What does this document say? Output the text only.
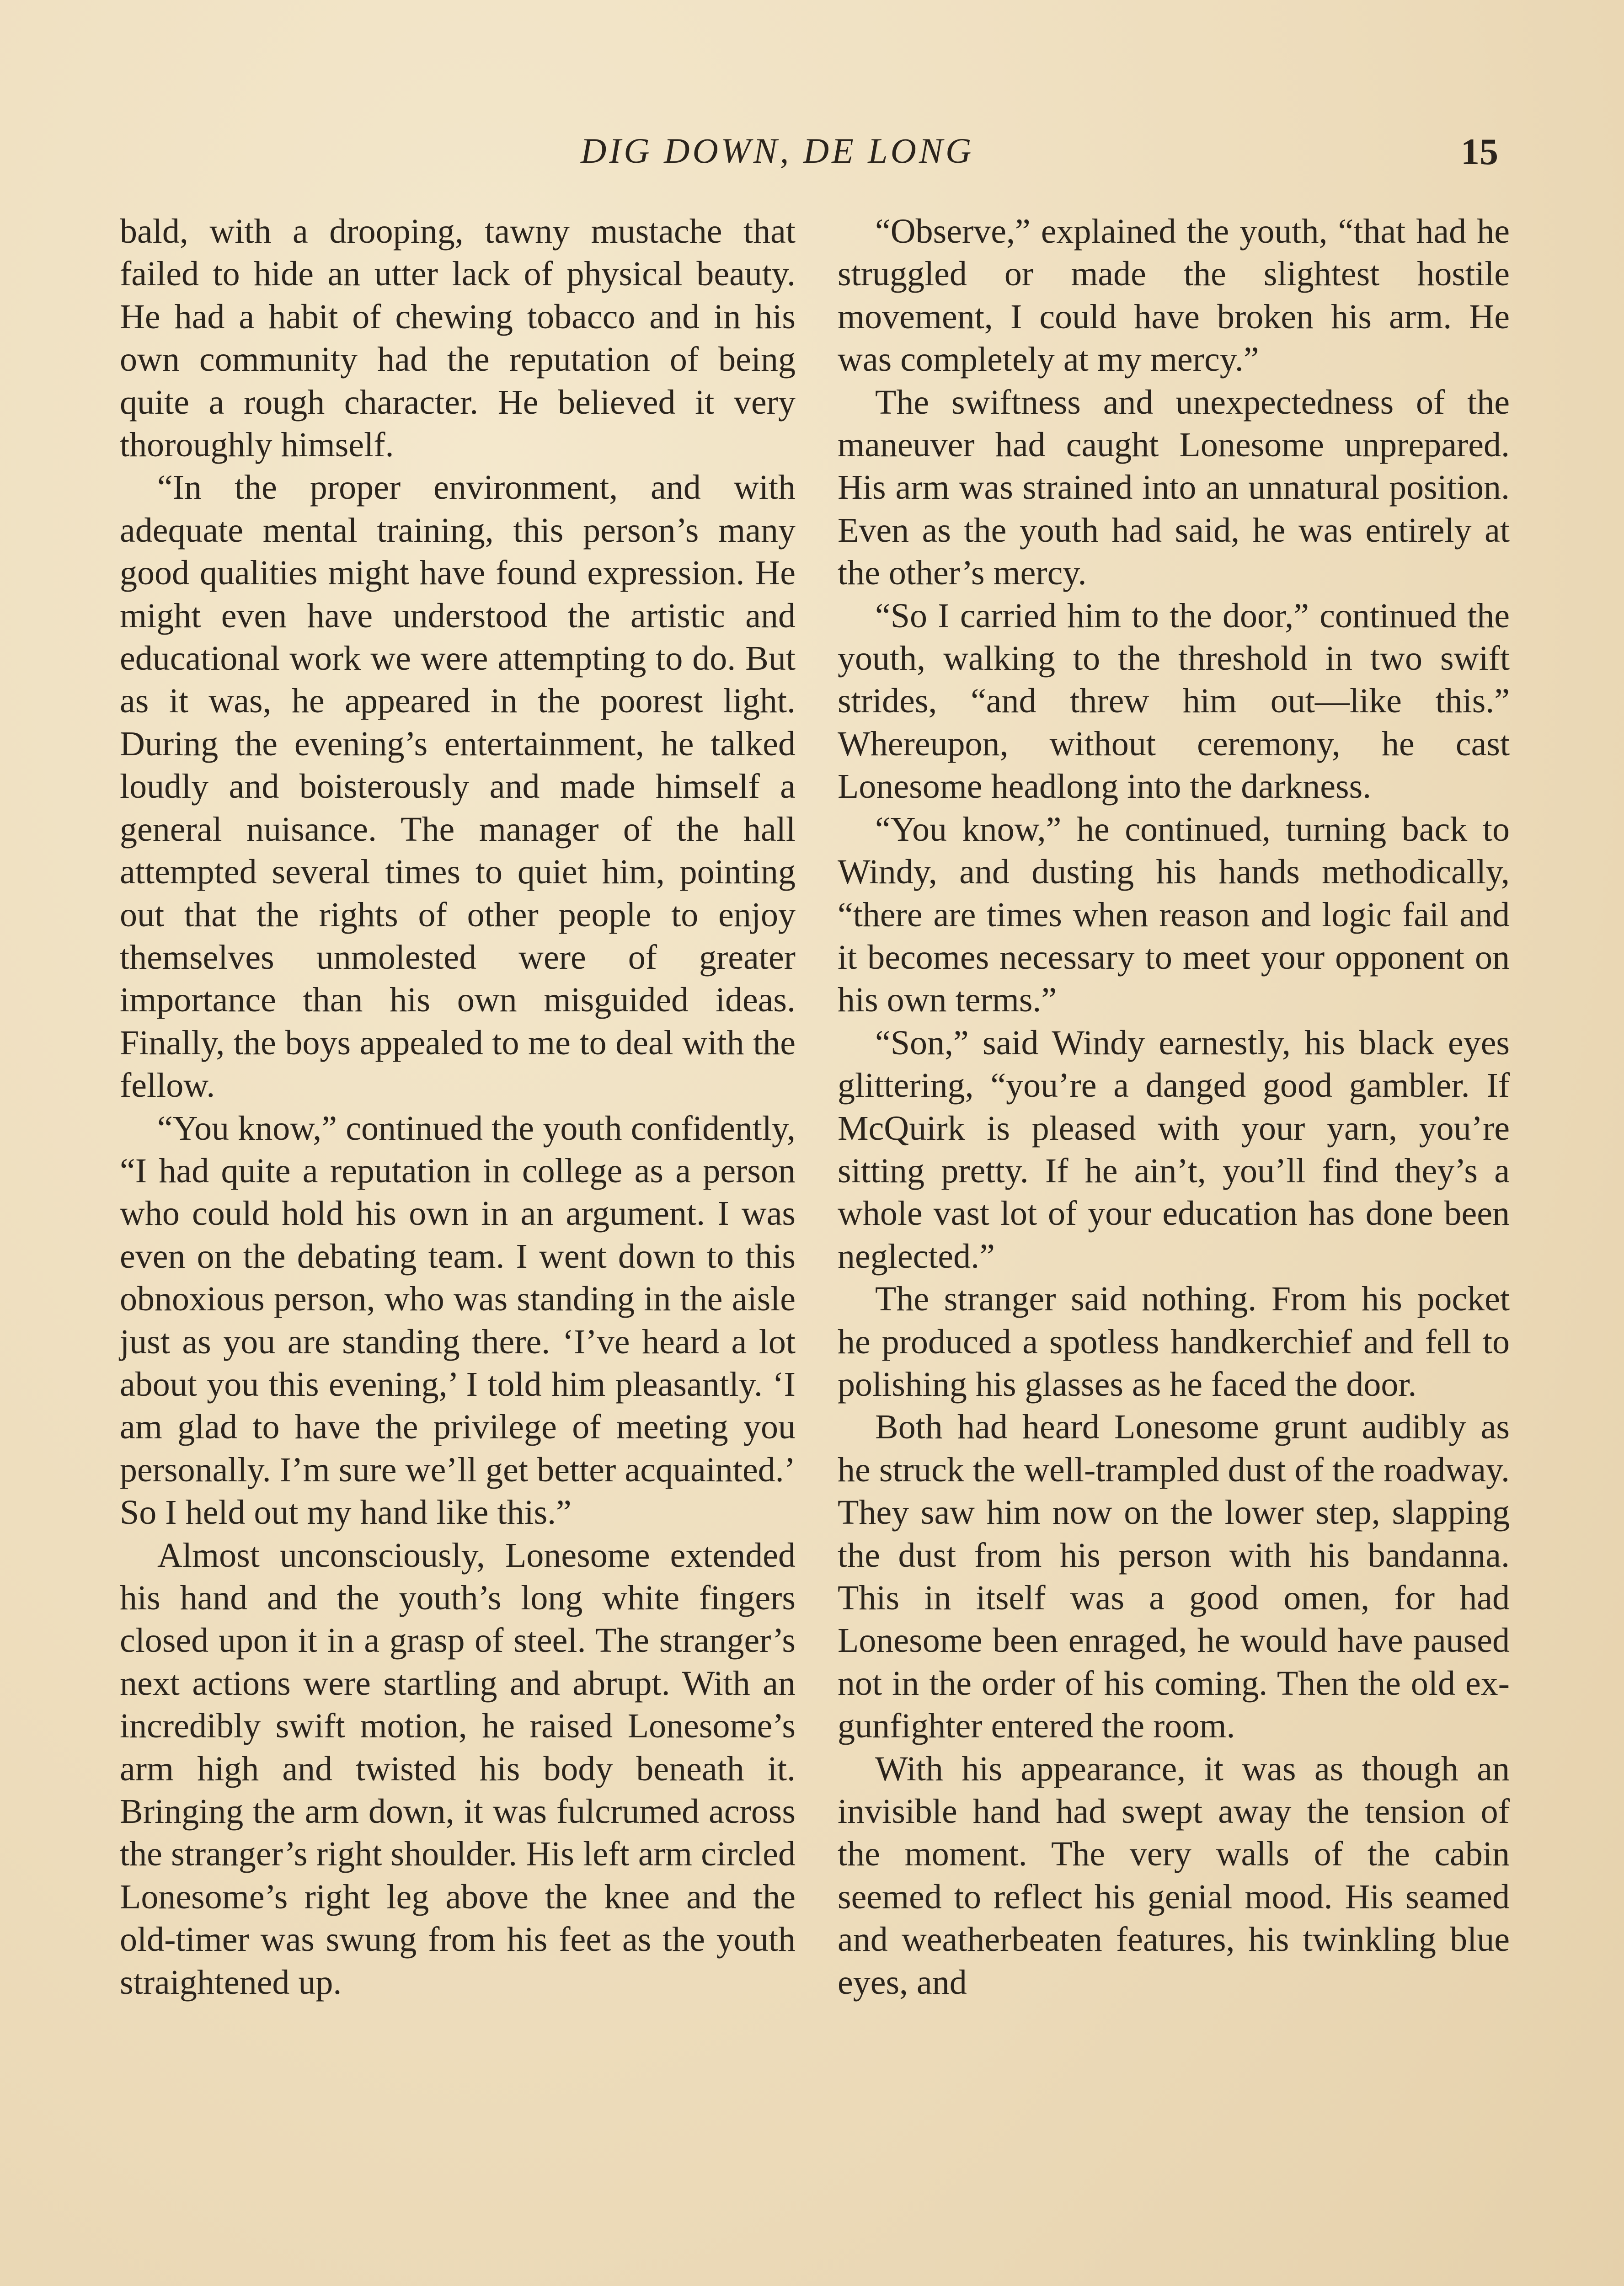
DIG DOWN, DE LONG	15

bald, with a drooping, tawny mustache that failed to hide an utter lack of physical beauty. He had a habit of chewing tobacco and in his own community had the reputation of being quite a rough character. He believed it very thoroughly himself.

“In the proper environment, and with adequate mental training, this person’s many good qualities might have found expression. He might even have understood the artistic and educational work we were attempting to do. But as it was, he appeared in the poorest light. During the evening’s entertainment, he talked loudly and boisterously and made himself a general nuisance. The manager of the hall attempted several times to quiet him, pointing out that the rights of other people to enjoy themselves unmolested were of greater importance than his own misguided ideas. Finally, the boys appealed to me to deal with the fellow.

“You know,” continued the youth confidently, “I had quite a reputation in college as a person who could hold his own in an argument. I was even on the debating team. I went down to this obnoxious person, who was standing in the aisle just as you are standing there. ‘I’ve heard a lot about you this evening,’ I told him pleasantly. ‘I am glad to have the privilege of meeting you personally. I’m sure we’ll get better acquainted.’ So I held out my hand like this.”

Almost unconsciously, Lonesome extended his hand and the youth’s long white fingers closed upon it in a grasp of steel. The stranger’s next actions were startling and abrupt. With an incredibly swift motion, he raised Lonesome’s arm high and twisted his body beneath it. Bringing the arm down, it was fulcrumed across the stranger’s right shoulder. His left arm circled Lonesome’s right leg above the knee and the old-timer was swung from his feet as the youth straightened up.

“Observe,” explained the youth, “that had he struggled or made the slightest hostile movement, I could have broken his arm. He was completely at my mercy.”

The swiftness and unexpectedness of the maneuver had caught Lonesome unprepared. His arm was strained into an unnatural position. Even as the youth had said, he was entirely at the other’s mercy.

“So I carried him to the door,” continued the youth, walking to the threshold in two swift strides, “and threw him out—like this.” Whereupon, without ceremony, he cast Lonesome headlong into the darkness.

“You know,” he continued, turning back to Windy, and dusting his hands methodically, “there are times when reason and logic fail and it becomes necessary to meet your opponent on his own terms.”

“Son,” said Windy earnestly, his black eyes glittering, “you’re a danged good gambler. If McQuirk is pleased with your yarn, you’re sitting pretty. If he ain’t, you’ll find they’s a whole vast lot of your education has done been neglected.”

The stranger said nothing. From his pocket he produced a spotless handkerchief and fell to polishing his glasses as he faced the door.

Both had heard Lonesome grunt audibly as he struck the well-trampled dust of the roadway. They saw him now on the lower step, slapping the dust from his person with his bandanna. This in itself was a good omen, for had Lonesome been enraged, he would have paused not in the order of his coming. Then the old ex-gunfighter entered the room.

With his appearance, it was as though an invisible hand had swept away the tension of the moment. The very walls of the cabin seemed to reflect his genial mood. His seamed and weatherbeaten features, his twinkling blue eyes, and
